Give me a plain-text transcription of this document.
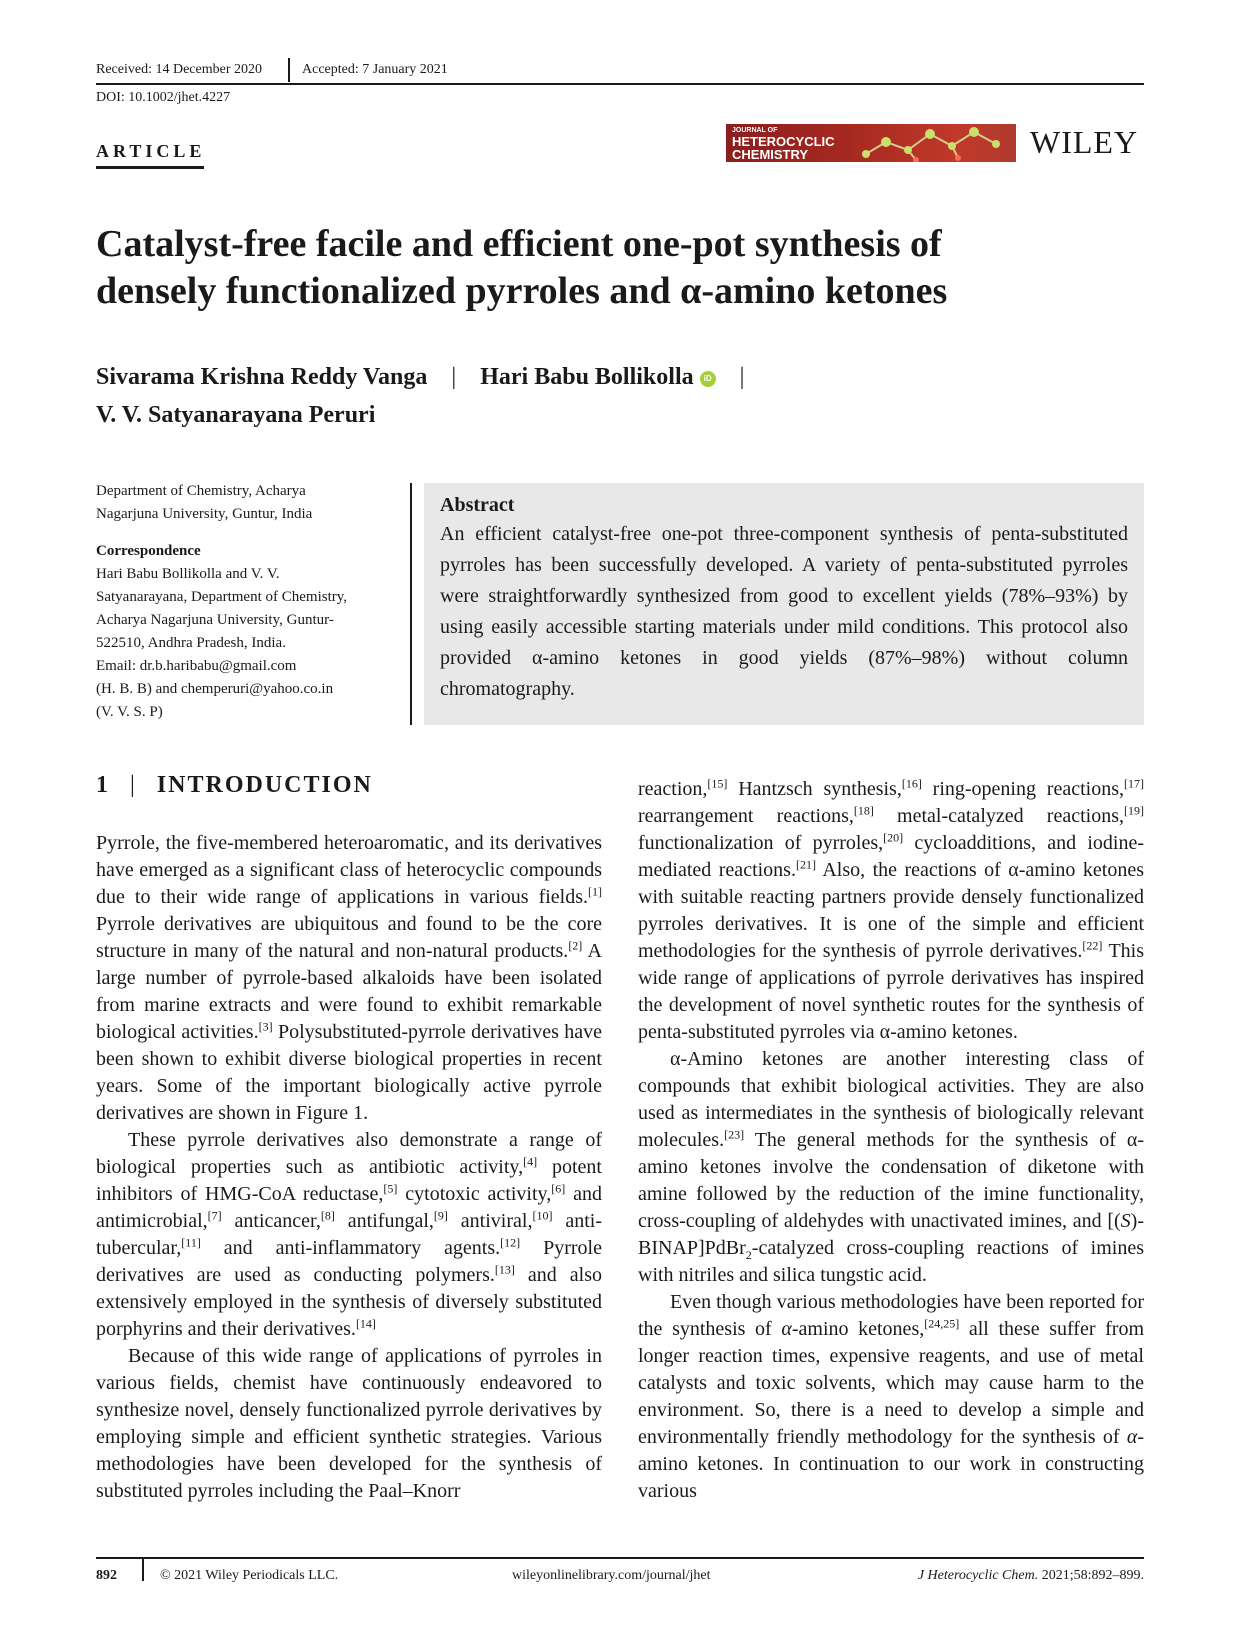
Received: 14 December 2020	Accepted: 7 January 2021
DOI: 10.1002/jhet.4227
ARTICLE
JOURNAL OF
HETEROCYCLIC
CHEMISTRY	WILEY
Catalyst-free facile and efficient one-pot synthesis of
densely functionalized pyrroles and α-amino ketones
Sivarama Krishna Reddy Vanga | Hari Babu Bollikolla iD |
V. V. Satyanarayana Peruri

Department of Chemistry, Acharya

Nagarjuna University, Guntur, India

Correspondence

Hari Babu Bollikolla and V. V.

Satyanarayana, Department of Chemistry,

Acharya Nagarjuna University, Guntur-

522510, Andhra Pradesh, India.

Email: dr.b.haribabu@gmail.com

(H. B. B) and chemperuri@yahoo.co.in

(V. V. S. P)

Abstract

An efficient catalyst-free one-pot three-component synthesis of penta-substituted pyrroles has been successfully developed. A variety of penta-substituted pyrroles were straightforwardly synthesized from good to excellent yields (78%–93%) by using easily accessible starting materials under mild conditions. This protocol also provided α-amino ketones in good yields (87%–98%) without column chromatography.

1 | INTRODUCTION

Pyrrole, the five-membered heteroaromatic, and its derivatives have emerged as a significant class of heterocyclic compounds due to their wide range of applications in various fields.[1] Pyrrole derivatives are ubiquitous and found to be the core structure in many of the natural and non-natural products.[2] A large number of pyrrole-based alkaloids have been isolated from marine extracts and were found to exhibit remarkable biological activities.[3] Polysubstituted-pyrrole derivatives have been shown to exhibit diverse biological properties in recent years. Some of the important biologically active pyrrole derivatives are shown in Figure 1.

These pyrrole derivatives also demonstrate a range of biological properties such as antibiotic activity,[4] potent inhibitors of HMG-CoA reductase,[5] cytotoxic activity,[6] and antimicrobial,[7] anticancer,[8] antifungal,[9] antiviral,[10] anti-tubercular,[11] and anti-inflammatory agents.[12] Pyrrole derivatives are used as conducting polymers.[13] and also extensively employed in the synthesis of diversely substituted porphyrins and their derivatives.[14]

Because of this wide range of applications of pyrroles in various fields, chemist have continuously endeavored to synthesize novel, densely functionalized pyrrole derivatives by employing simple and efficient synthetic strategies. Various methodologies have been developed for the synthesis of substituted pyrroles including the Paal–Knorr

reaction,[15] Hantzsch synthesis,[16] ring-opening reactions,[17] rearrangement reactions,[18] metal-catalyzed reactions,[19] functionalization of pyrroles,[20] cycloadditions, and iodine-mediated reactions.[21] Also, the reactions of α-amino ketones with suitable reacting partners provide densely functionalized pyrroles derivatives. It is one of the simple and efficient methodologies for the synthesis of pyrrole derivatives.[22] This wide range of applications of pyrrole derivatives has inspired the development of novel synthetic routes for the synthesis of penta-substituted pyrroles via α-amino ketones.

α-Amino ketones are another interesting class of compounds that exhibit biological activities. They are also used as intermediates in the synthesis of biologically relevant molecules.[23] The general methods for the synthesis of α-amino ketones involve the condensation of diketone with amine followed by the reduction of the imine functionality, cross-coupling of aldehydes with unactivated imines, and [(S)-BINAP]PdBr$_2$-catalyzed cross-coupling reactions of imines with nitriles and silica tungstic acid.

Even though various methodologies have been reported for the synthesis of α-amino ketones,[24,25] all these suffer from longer reaction times, expensive reagents, and use of metal catalysts and toxic solvents, which may cause harm to the environment. So, there is a need to develop a simple and environmentally friendly methodology for the synthesis of α-amino ketones. In continuation to our work in constructing various

892	© 2021 Wiley Periodicals LLC.	wileyonlinelibrary.com/journal/jhet	J Heterocyclic Chem. 2021;58:892–899.
